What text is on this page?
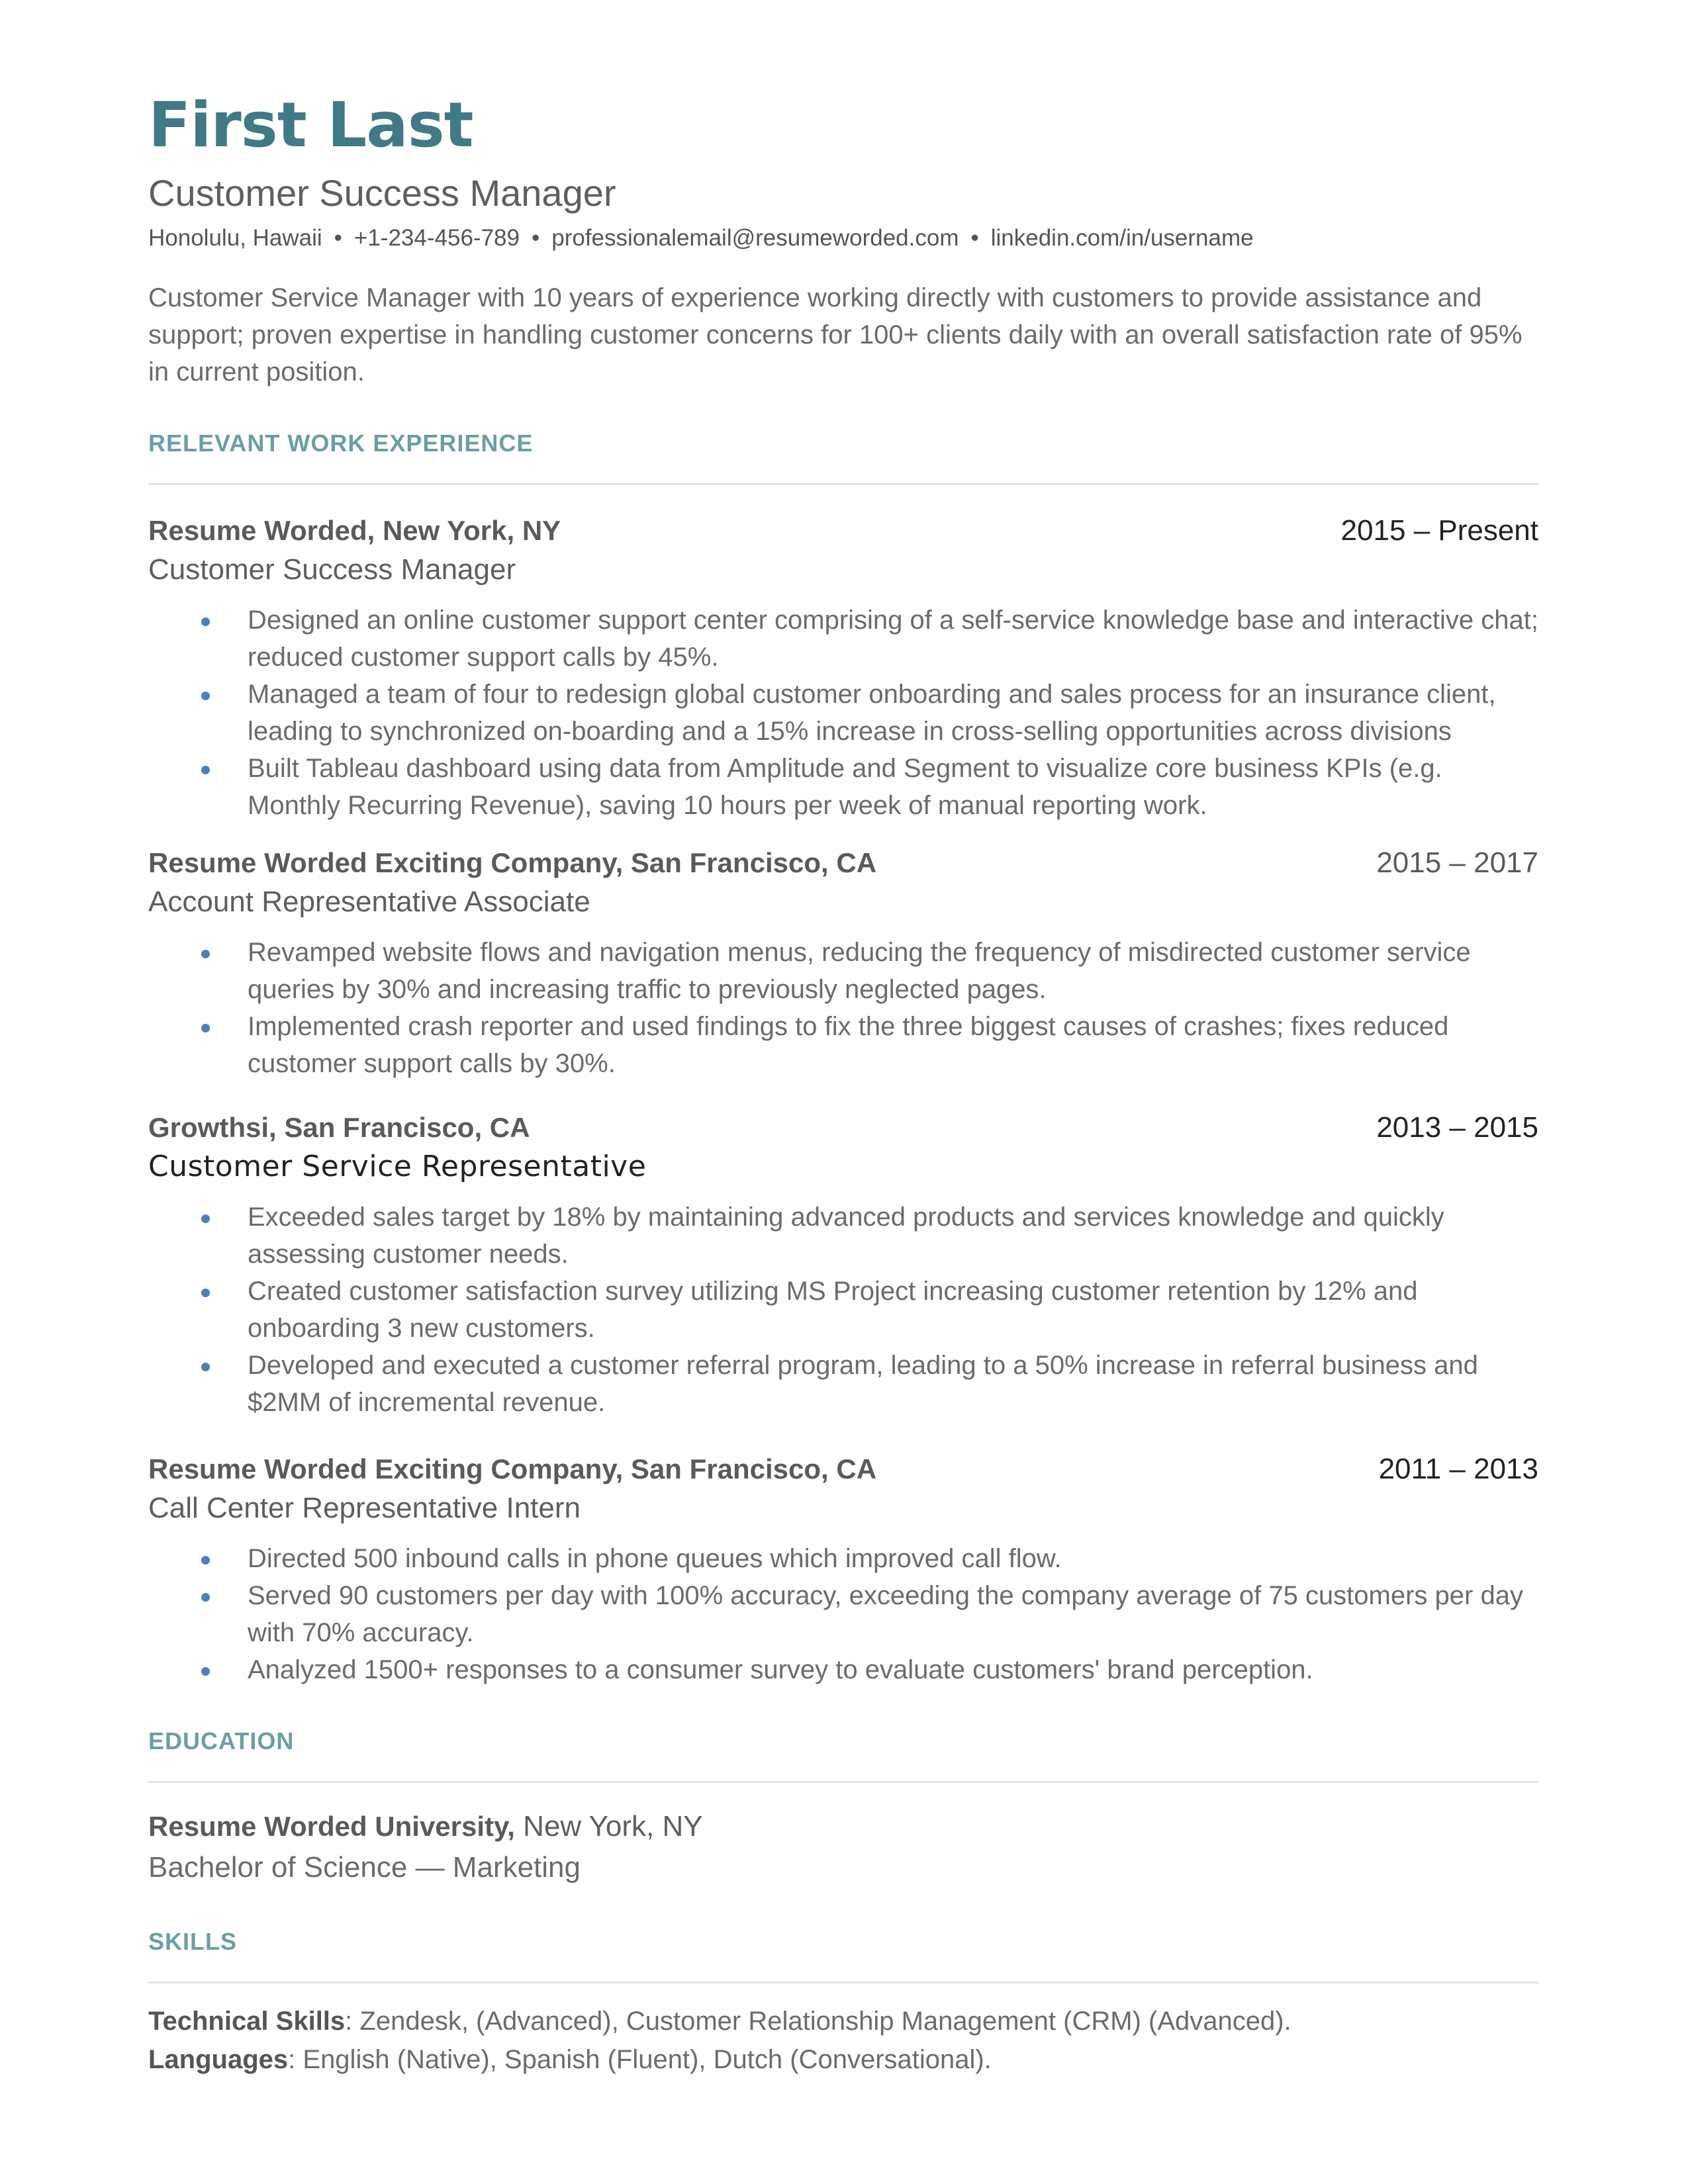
First Last
Customer Success Manager
Honolulu, Hawaii • +1-234-456-789 • professionalemail@resumeworded.com • linkedin.com/in/username
Customer Service Manager with 10 years of experience working directly with customers to provide assistance and support; proven expertise in handling customer concerns for 100+ clients daily with an overall satisfaction rate of 95% in current position.
RELEVANT WORK EXPERIENCE
Resume Worded, New York, NY	2015 – Present
Customer Success Manager
Designed an online customer support center comprising of a self-service knowledge base and interactive chat; reduced customer support calls by 45%.
Managed a team of four to redesign global customer onboarding and sales process for an insurance client, leading to synchronized on-boarding and a 15% increase in cross-selling opportunities across divisions
Built Tableau dashboard using data from Amplitude and Segment to visualize core business KPIs (e.g. Monthly Recurring Revenue), saving 10 hours per week of manual reporting work.
Resume Worded Exciting Company, San Francisco, CA	2015 – 2017
Account Representative Associate
Revamped website flows and navigation menus, reducing the frequency of misdirected customer service queries by 30% and increasing traffic to previously neglected pages.
Implemented crash reporter and used findings to fix the three biggest causes of crashes; fixes reduced customer support calls by 30%.
Growthsi, San Francisco, CA	2013 – 2015
Customer Service Representative
Exceeded sales target by 18% by maintaining advanced products and services knowledge and quickly assessing customer needs.
Created customer satisfaction survey utilizing MS Project increasing customer retention by 12% and onboarding 3 new customers.
Developed and executed a customer referral program, leading to a 50% increase in referral business and $2MM of incremental revenue.
Resume Worded Exciting Company, San Francisco, CA	2011 – 2013
Call Center Representative Intern
Directed 500 inbound calls in phone queues which improved call flow.
Served 90 customers per day with 100% accuracy, exceeding the company average of 75 customers per day with 70% accuracy.
Analyzed 1500+ responses to a consumer survey to evaluate customers' brand perception.
EDUCATION
Resume Worded University, New York, NY
Bachelor of Science — Marketing
SKILLS
Technical Skills: Zendesk, (Advanced), Customer Relationship Management (CRM) (Advanced).
Languages: English (Native), Spanish (Fluent), Dutch (Conversational).
